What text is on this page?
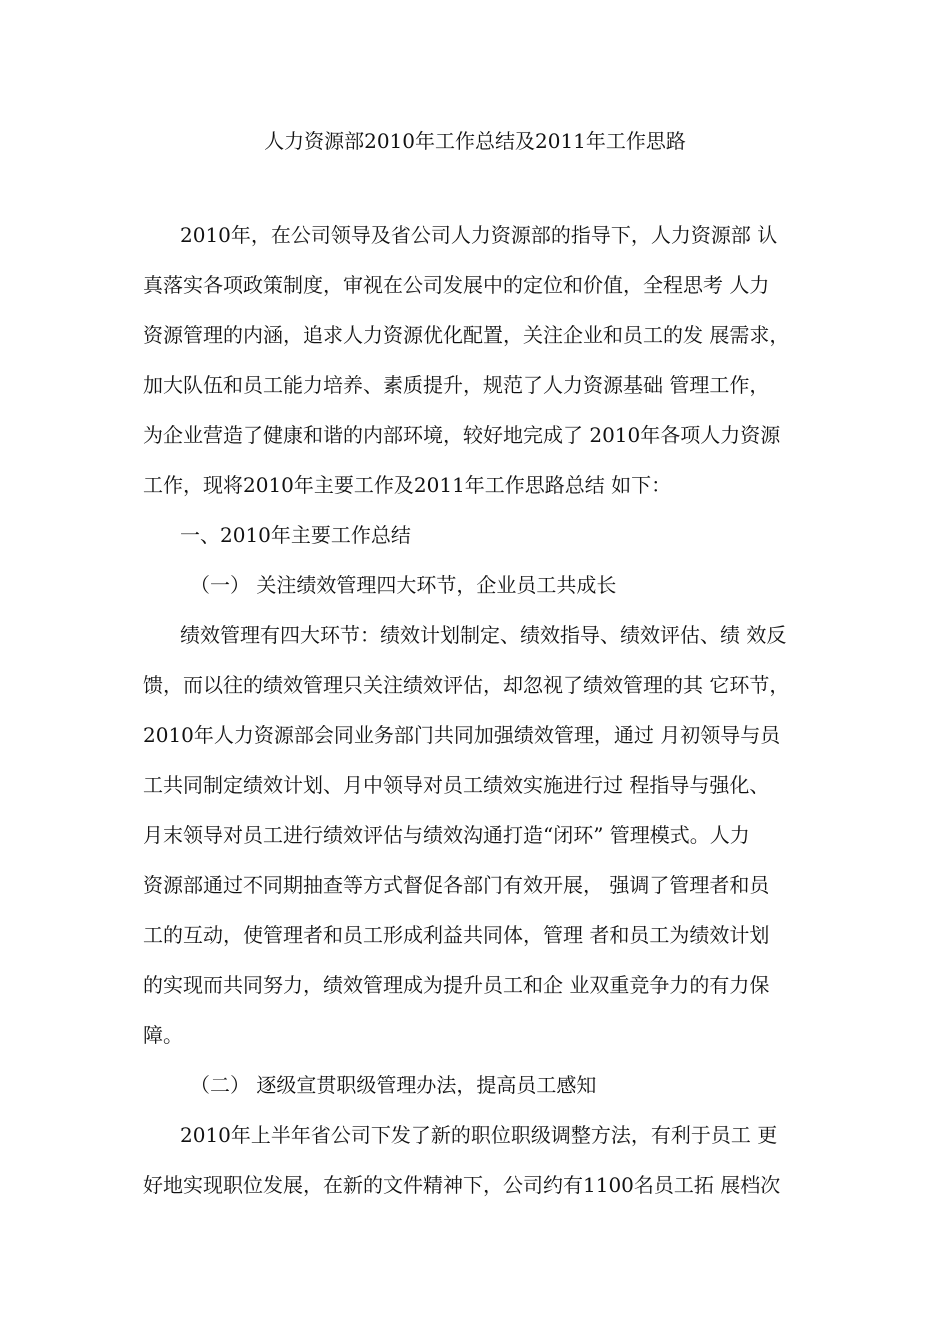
人力资源部2010年工作总结及2011年工作思路
2010年，在公司领导及省公司人力资源部的指导下，人力资源部 认
真落实各项政策制度，审视在公司发展中的定位和价值，全程思考 人力
资源管理的内涵，追求人力资源优化配置，关注企业和员工的发 展需求，
加大队伍和员工能力培养、素质提升，规范了人力资源基础 管理工作，
为企业营造了健康和谐的内部环境，较好地完成了 2010年各项人力资源
工作，现将2010年主要工作及2011年工作思路总结 如下：
一、2010年主要工作总结
（一） 关注绩效管理四大环节，企业员工共成长
绩效管理有四大环节：绩效计划制定、绩效指导、绩效评估、绩 效反
馈，而以往的绩效管理只关注绩效评估，却忽视了绩效管理的其 它环节，
2010年人力资源部会同业务部门共同加强绩效管理，通过 月初领导与员
工共同制定绩效计划、月中领导对员工绩效实施进行过 程指导与强化、
月末领导对员工进行绩效评估与绩效沟通打造“闭环” 管理模式。人力
资源部通过不同期抽查等方式督促各部门有效开展， 强调了管理者和员
工的互动，使管理者和员工形成利益共同体，管理 者和员工为绩效计划
的实现而共同努力，绩效管理成为提升员工和企 业双重竞争力的有力保
障。
（二） 逐级宣贯职级管理办法，提高员工感知
2010年上半年省公司下发了新的职位职级调整方法，有利于员工 更
好地实现职位发展，在新的文件精神下，公司约有1100名员工拓 展档次
